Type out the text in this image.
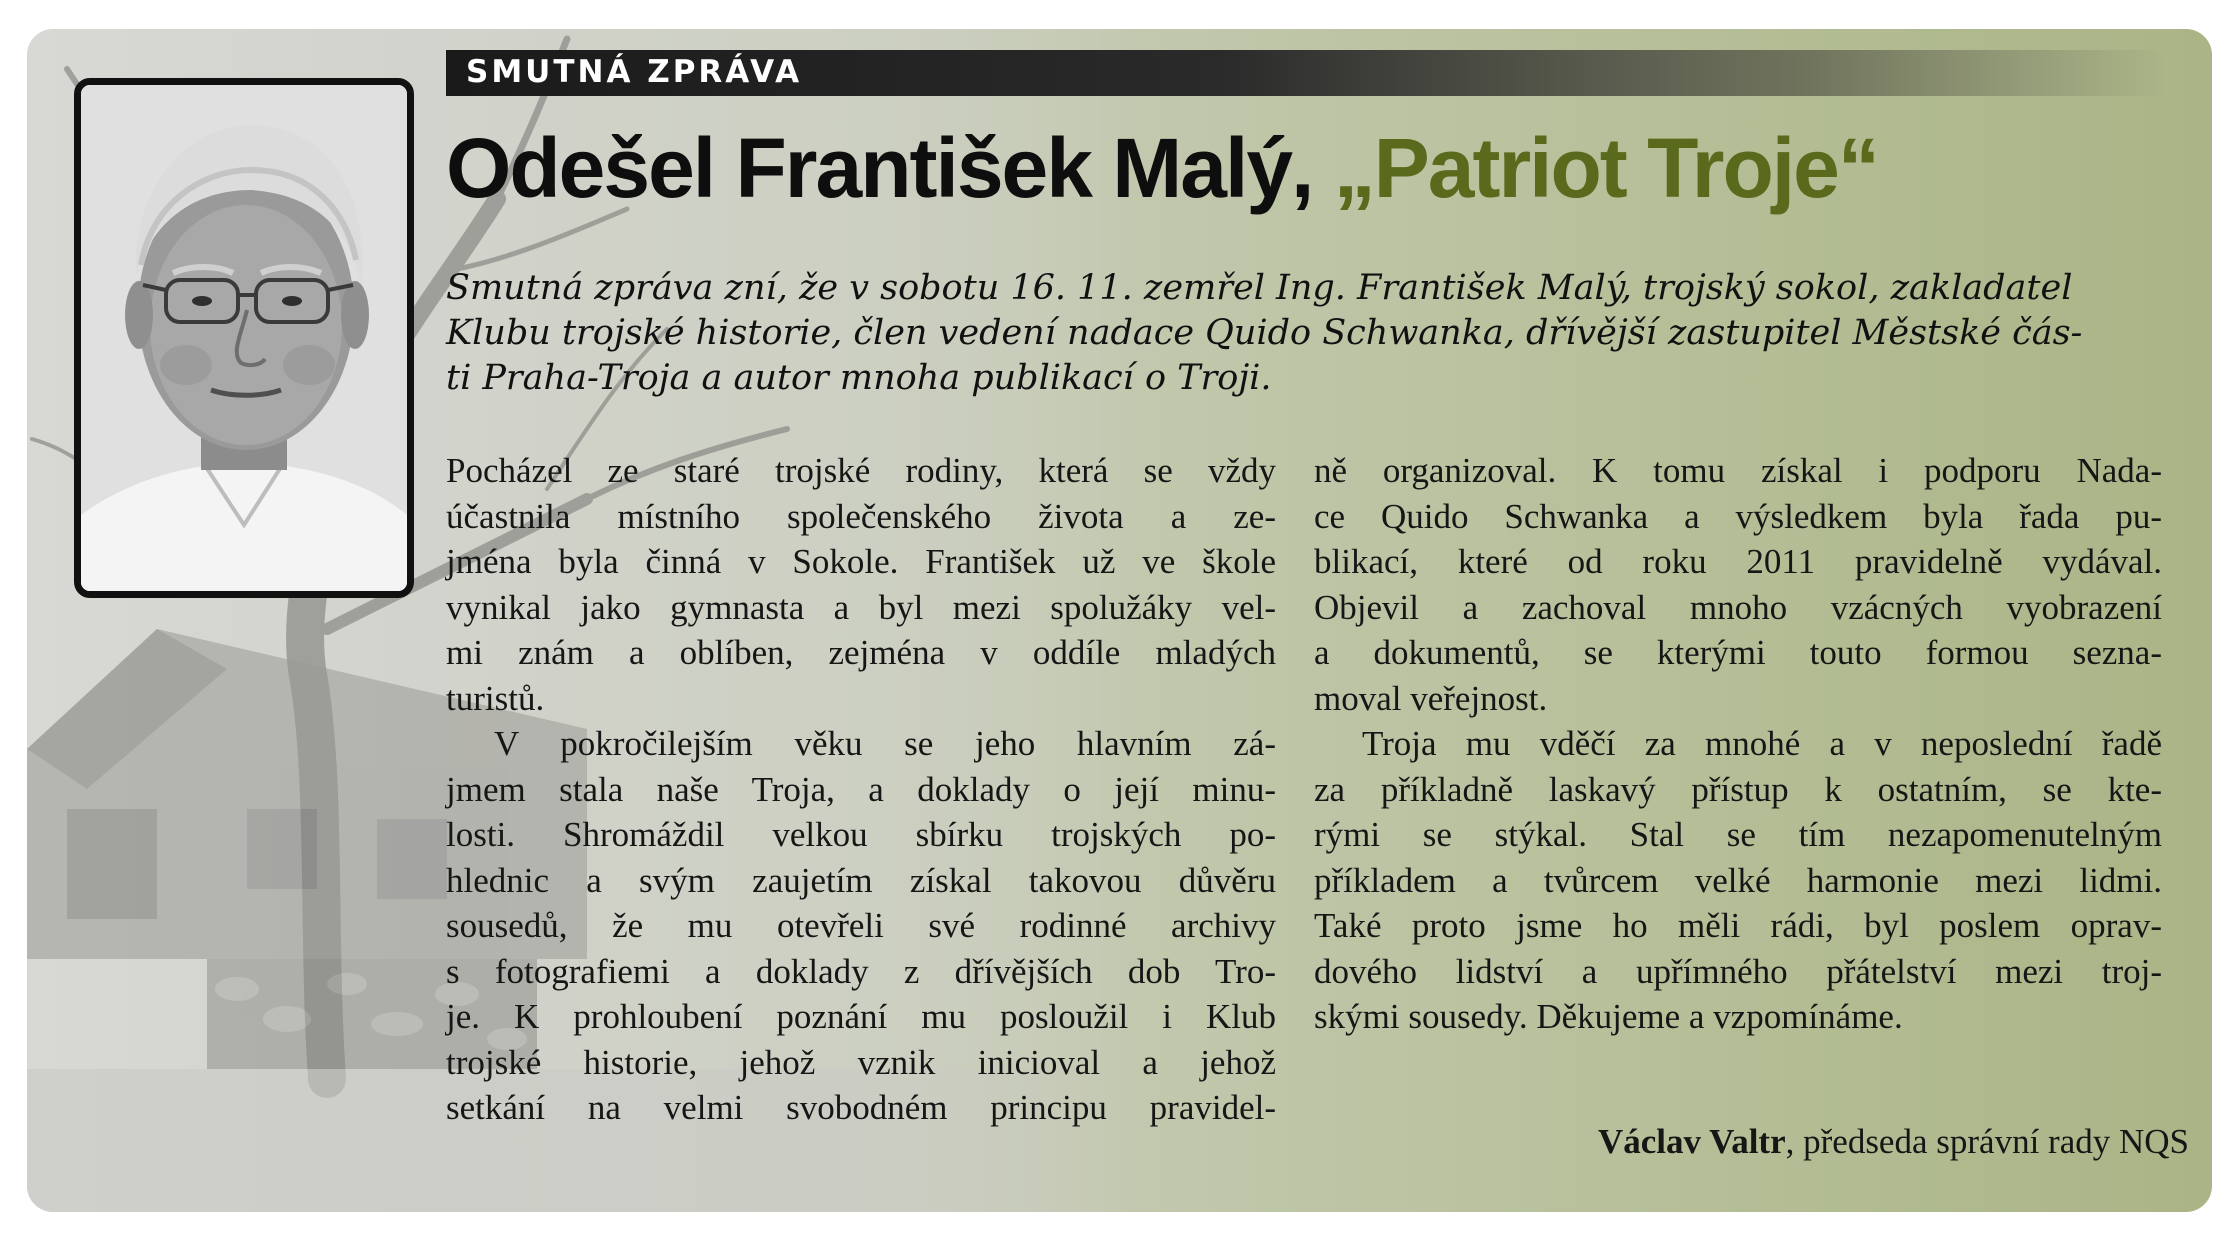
SMUTNÁ ZPRÁVA
Odešel František Malý, „Patriot Troje“
Smutná zpráva zní, že v sobotu 16. 11. zemřel Ing. František Malý, trojský sokol, zakladatel
Klubu trojské historie, člen vedení nadace Quido Schwanka, dřívější zastupitel Městské čás-
ti Praha-Troja a autor mnoha publikací o Troji.
Pocházel ze staré trojské rodiny, která se vždy
účastnila místního společenského života a ze-
jména byla činná v Sokole. František už ve škole
vynikal jako gymnasta a byl mezi spolužáky vel-
mi znám a oblíben, zejména v oddíle mladých
turistů.
V pokročilejším věku se jeho hlavním zá-
jmem stala naše Troja, a doklady o její minu-
losti. Shromáždil velkou sbírku trojských po-
hlednic a svým zaujetím získal takovou důvěru
sousedů, že mu otevřeli své rodinné archivy
s fotografiemi a doklady z dřívějších dob Tro-
je. K prohloubení poznání mu posloužil i Klub
trojské historie, jehož vznik inicioval a jehož
setkání na velmi svobodném principu pravidel-
ně organizoval. K tomu získal i podporu Nada-
ce Quido Schwanka a výsledkem byla řada pu-
blikací, které od roku 2011 pravidelně vydával.
Objevil a zachoval mnoho vzácných vyobrazení
a dokumentů, se kterými touto formou sezna-
moval veřejnost.
Troja mu vděčí za mnohé a v neposlední řadě
za příkladně laskavý přístup k ostatním, se kte-
rými se stýkal. Stal se tím nezapomenutelným
příkladem a tvůrcem velké harmonie mezi lidmi.
Také proto jsme ho měli rádi, byl poslem oprav-
dového lidství a upřímného přátelství mezi troj-
skými sousedy. Děkujeme a vzpomínáme.
Václav Valtr, předseda správní rady NQS
